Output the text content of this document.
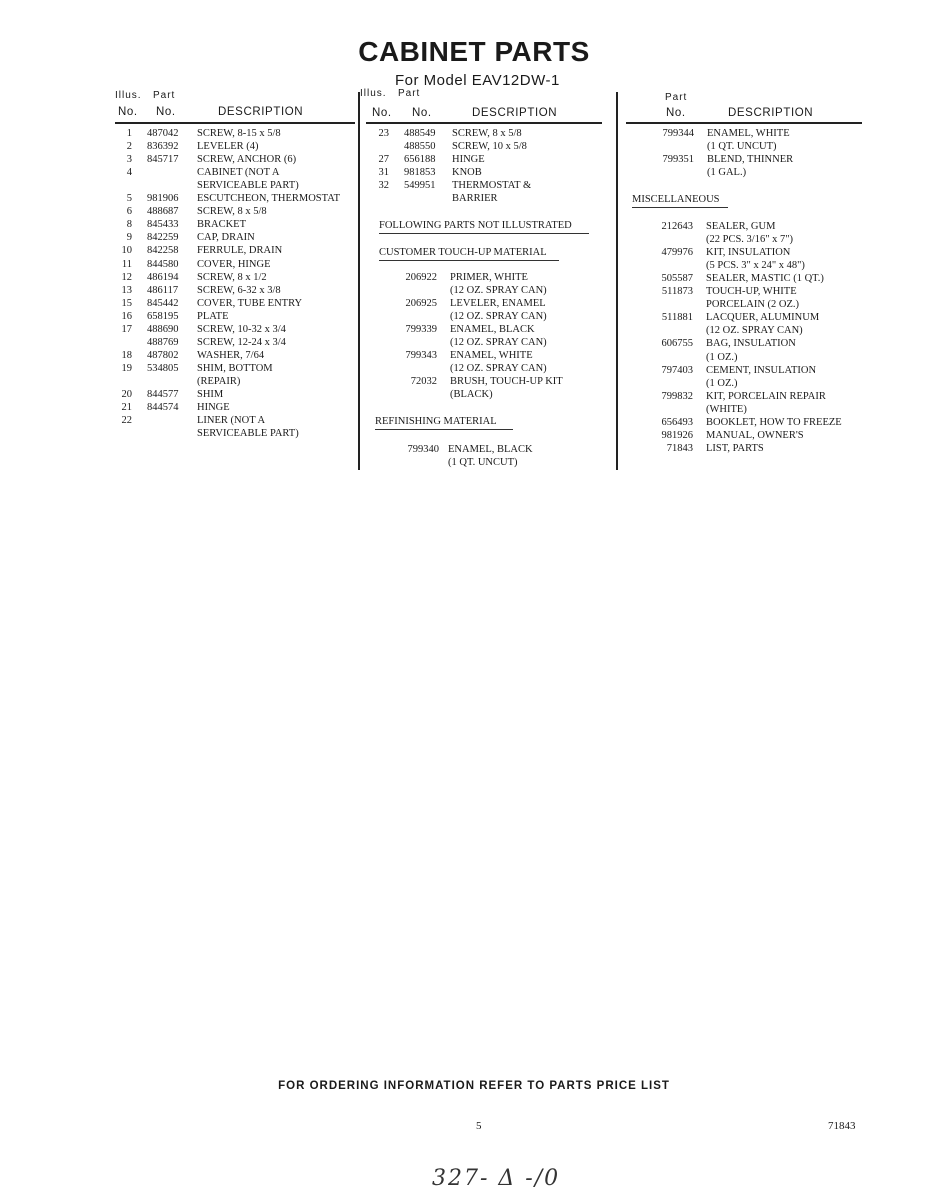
CABINET PARTS
For Model EAV12DW-1
Illus. Part
No. No.	DESCRIPTION
Illus. Part
No. No.	DESCRIPTION
Part
No.	DESCRIPTION
1 487042 SCREW, 8-15 x 5/8
2 836392 LEVELER (4)
3 845717 SCREW, ANCHOR (6)
4	CABINET (NOT A
SERVICEABLE PART)
5 981906 ESCUTCHEON, THERMOSTAT
6 488687 SCREW, 8 x 5/8
8 845433 BRACKET
9 842259 CAP, DRAIN
10 842258 FERRULE, DRAIN
11 844580 COVER, HINGE
12 486194 SCREW, 8 x 1/2
13 486117 SCREW, 6-32 x 3/8
15 845442 COVER, TUBE ENTRY
16 658195 PLATE
17 488690 SCREW, 10-32 x 3/4
488769 SCREW, 12-24 x 3/4
18 487802 WASHER, 7/64
19 534805 SHIM, BOTTOM
(REPAIR)
20 844577 SHIM
21 844574 HINGE
22	LINER (NOT A
SERVICEABLE PART)
23 488549 SCREW, 8 x 5/8
488550 SCREW, 10 x 5/8
27 656188 HINGE
31 981853 KNOB
32 549951 THERMOSTAT &
BARRIER
FOLLOWING PARTS NOT ILLUSTRATED
CUSTOMER TOUCH-UP MATERIAL
206922 PRIMER, WHITE
(12 OZ. SPRAY CAN)
206925 LEVELER, ENAMEL
(12 OZ. SPRAY CAN)
799339 ENAMEL, BLACK
(12 OZ. SPRAY CAN)
799343 ENAMEL, WHITE
(12 OZ. SPRAY CAN)
72032 BRUSH, TOUCH-UP KIT
(BLACK)
REFINISHING MATERIAL
799340 ENAMEL, BLACK
(1 QT. UNCUT)
799344 ENAMEL, WHITE
(1 QT. UNCUT)
799351 BLEND, THINNER
(1 GAL.)
MISCELLANEOUS
212643 SEALER, GUM
(22 PCS. 3/16" x 7")
479976 KIT, INSULATION
(5 PCS. 3" x 24" x 48")
505587 SEALER, MASTIC (1 QT.)
511873 TOUCH-UP, WHITE
PORCELAIN (2 OZ.)
511881 LACQUER, ALUMINUM
(12 OZ. SPRAY CAN)
606755 BAG, INSULATION
(1 OZ.)
797403 CEMENT, INSULATION
(1 OZ.)
799832 KIT, PORCELAIN REPAIR
(WHITE)
656493 BOOKLET, HOW TO FREEZE
981926 MANUAL, OWNER'S
71843 LIST, PARTS
FOR ORDERING INFORMATION REFER TO PARTS PRICE LIST
5	71843
327- Δ -/0
